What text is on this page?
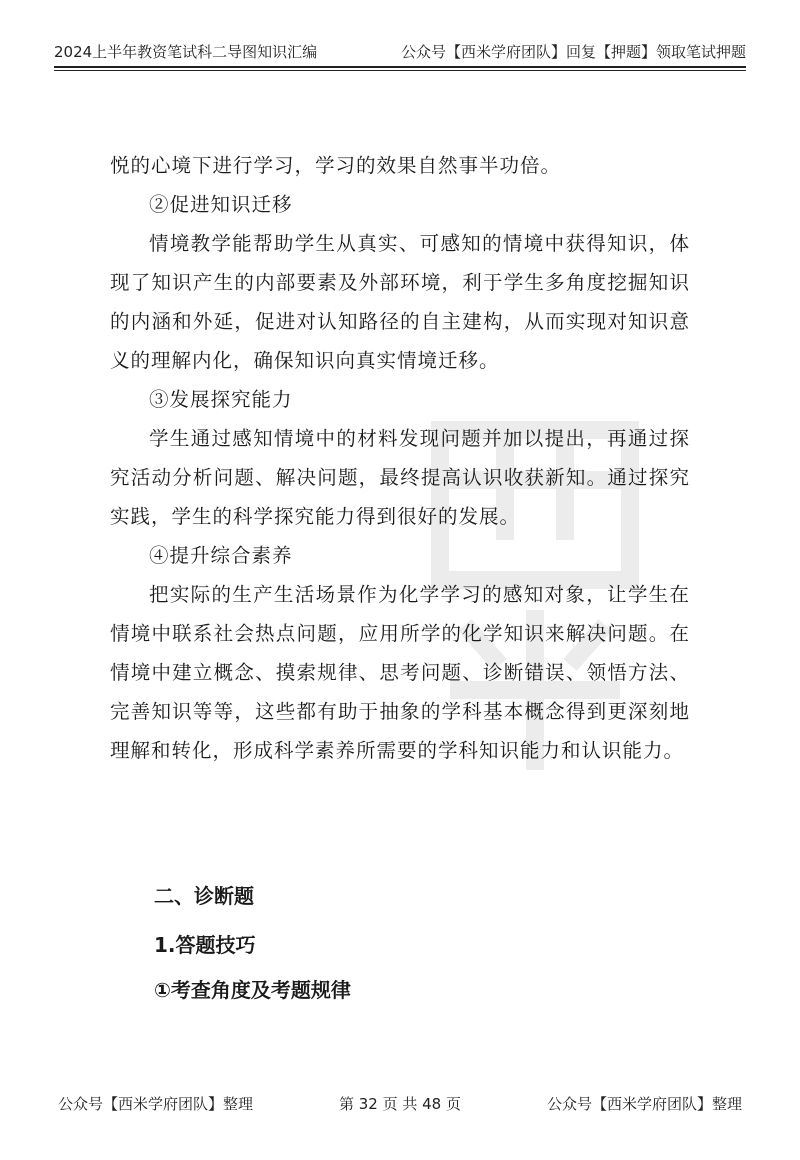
2024上半年教资笔试科二导图知识汇编	公众号【西米学府团队】回复【押题】领取笔试押题

悦的心境下进行学习，学习的效果自然事半功倍。

②促进知识迁移

情境教学能帮助学生从真实、可感知的情境中获得知识，体现了知识产生的内部要素及外部环境，利于学生多角度挖掘知识的内涵和外延，促进对认知路径的自主建构，从而实现对知识意义的理解内化，确保知识向真实情境迁移。

③发展探究能力

学生通过感知情境中的材料发现问题并加以提出，再通过探究活动分析问题、解决问题，最终提高认识收获新知。通过探究实践，学生的科学探究能力得到很好的发展。

④提升综合素养

把实际的生产生活场景作为化学学习的感知对象，让学生在情境中联系社会热点问题，应用所学的化学知识来解决问题。在情境中建立概念、摸索规律、思考问题、诊断错误、领悟方法、完善知识等等，这些都有助于抽象的学科基本概念得到更深刻地理解和转化，形成科学素养所需要的学科知识能力和认识能力。

二、诊断题
1.答题技巧
①考查角度及考题规律
公众号【西米学府团队】整理	第 32 页 共 48 页	公众号【西米学府团队】整理
